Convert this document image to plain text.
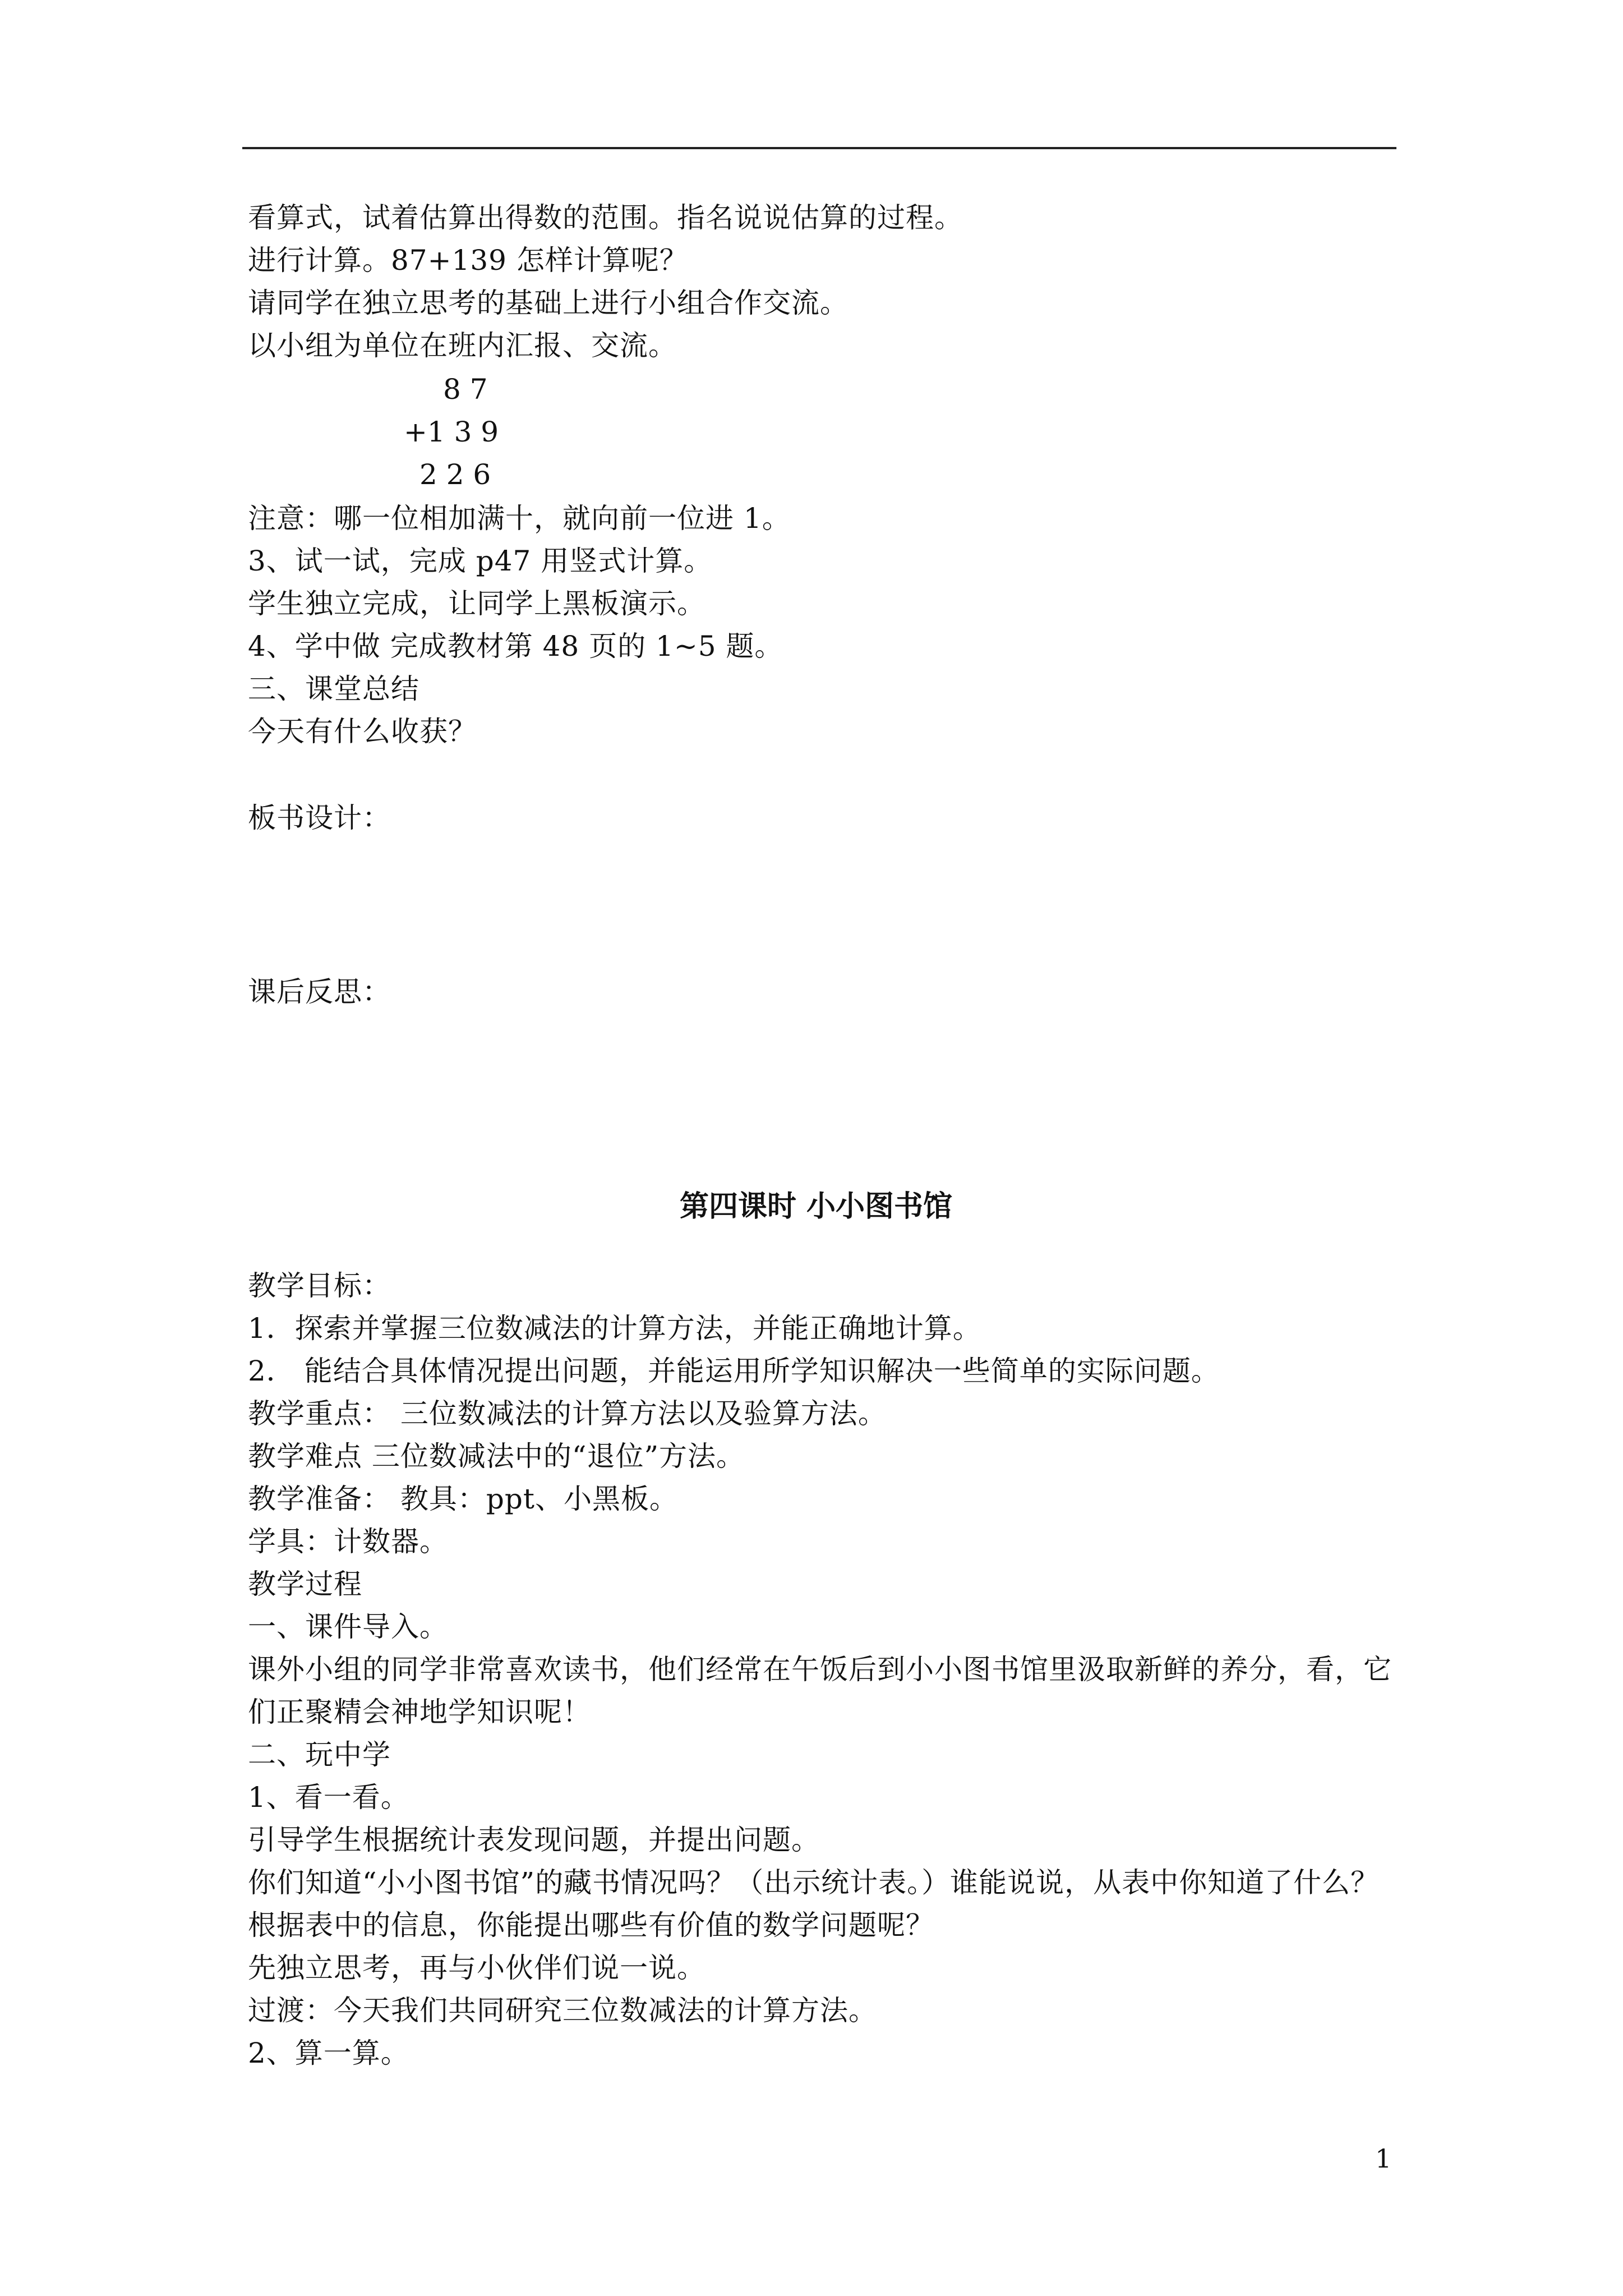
看算式，试着估算出得数的范围。指名说说估算的过程。
进行计算。87+139 怎样计算呢？
请同学在独立思考的基础上进行小组合作交流。
以小组为单位在班内汇报、交流。
8 7
+1 3 9
2 2 6
注意：哪一位相加满十，就向前一位进 1。
3、试一试，完成 p47 用竖式计算。
学生独立完成，让同学上黑板演示。
4、学中做 完成教材第 48 页的 1~5 题。
三、课堂总结
今天有什么收获？
板书设计：
课后反思：
第四课时 小小图书馆
教学目标：
1．探索并掌握三位数减法的计算方法，并能正确地计算。
2． 能结合具体情况提出问题，并能运用所学知识解决一些简单的实际问题。
教学重点： 三位数减法的计算方法以及验算方法。
教学难点 三位数减法中的“退位”方法。
教学准备： 教具：ppt、小黑板。
学具：计数器。
教学过程
一、课件导入。
课外小组的同学非常喜欢读书，他们经常在午饭后到小小图书馆里汲取新鲜的养分，看，它
们正聚精会神地学知识呢！
二、玩中学
1、看一看。
引导学生根据统计表发现问题，并提出问题。
你们知道“小小图书馆”的藏书情况吗？（出示统计表。）谁能说说，从表中你知道了什么？
根据表中的信息，你能提出哪些有价值的数学问题呢？
先独立思考，再与小伙伴们说一说。
过渡：今天我们共同研究三位数减法的计算方法。
2、算一算。
1
